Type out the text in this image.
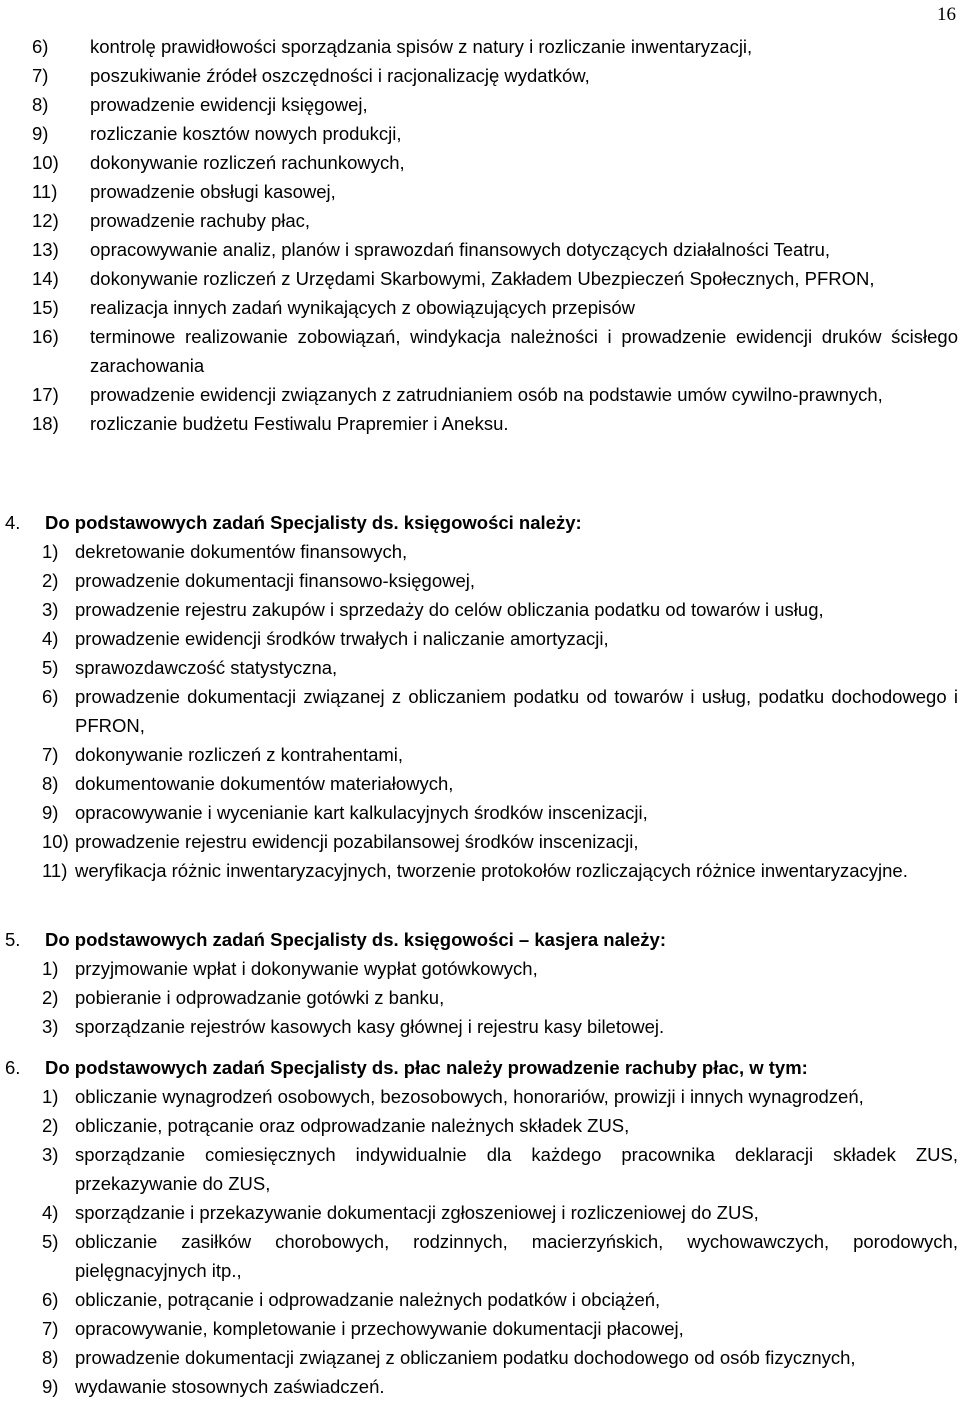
16
6)	kontrolę prawidłowości sporządzania spisów z natury i rozliczanie inwentaryzacji,
7)	poszukiwanie źródeł oszczędności i racjonalizację wydatków,
8)	prowadzenie ewidencji księgowej,
9)	rozliczanie kosztów nowych produkcji,
10)	dokonywanie rozliczeń rachunkowych,
11)	prowadzenie obsługi kasowej,
12)	prowadzenie rachuby płac,
13)	opracowywanie analiz, planów i sprawozdań finansowych dotyczących działalności Teatru,
14)	dokonywanie rozliczeń z Urzędami Skarbowymi, Zakładem Ubezpieczeń Społecznych, PFRON,
15)	realizacja innych zadań wynikających z obowiązujących przepisów
16)	terminowe realizowanie zobowiązań, windykacja należności i prowadzenie ewidencji druków ścisłego zarachowania
17)	prowadzenie ewidencji związanych z zatrudnianiem osób na podstawie umów cywilno-prawnych,
18)	rozliczanie budżetu Festiwalu Prapremier i Aneksu.
4.	Do podstawowych zadań Specjalisty ds. księgowości należy:
1) dekretowanie dokumentów finansowych,
2) prowadzenie dokumentacji finansowo-księgowej,
3) prowadzenie rejestru zakupów i sprzedaży do celów obliczania podatku od towarów i usług,
4) prowadzenie ewidencji środków trwałych i naliczanie amortyzacji,
5) sprawozdawczość statystyczna,
6) prowadzenie dokumentacji związanej z obliczaniem podatku od towarów i usług, podatku dochodowego i PFRON,
7) dokonywanie rozliczeń z kontrahentami,
8) dokumentowanie dokumentów materiałowych,
9) opracowywanie i wycenianie kart kalkulacyjnych środków inscenizacji,
10) prowadzenie rejestru ewidencji pozabilansowej środków inscenizacji,
11) weryfikacja różnic inwentaryzacyjnych, tworzenie protokołów rozliczających różnice inwentaryzacyjne.
5.	Do podstawowych zadań Specjalisty ds. księgowości – kasjera należy:
1) przyjmowanie wpłat i dokonywanie wypłat gotówkowych,
2) pobieranie i odprowadzanie gotówki z banku,
3) sporządzanie rejestrów kasowych kasy głównej i rejestru kasy biletowej.
6.	Do podstawowych zadań Specjalisty ds. płac należy prowadzenie rachuby płac, w tym:
1) obliczanie wynagrodzeń osobowych, bezosobowych, honorariów, prowizji i innych wynagrodzeń,
2) obliczanie, potrącanie oraz odprowadzanie należnych składek ZUS,
3) sporządzanie comiesięcznych indywidualnie dla każdego pracownika deklaracji składek ZUS, przekazywanie do ZUS,
4) sporządzanie i przekazywanie dokumentacji zgłoszeniowej i rozliczeniowej do ZUS,
5) obliczanie zasiłków chorobowych, rodzinnych, macierzyńskich, wychowawczych, porodowych, pielęgnacyjnych itp.,
6) obliczanie, potrącanie i odprowadzanie należnych podatków i obciążeń,
7) opracowywanie, kompletowanie i przechowywanie dokumentacji płacowej,
8) prowadzenie dokumentacji związanej z obliczaniem podatku dochodowego od osób fizycznych,
9) wydawanie stosownych zaświadczeń.
